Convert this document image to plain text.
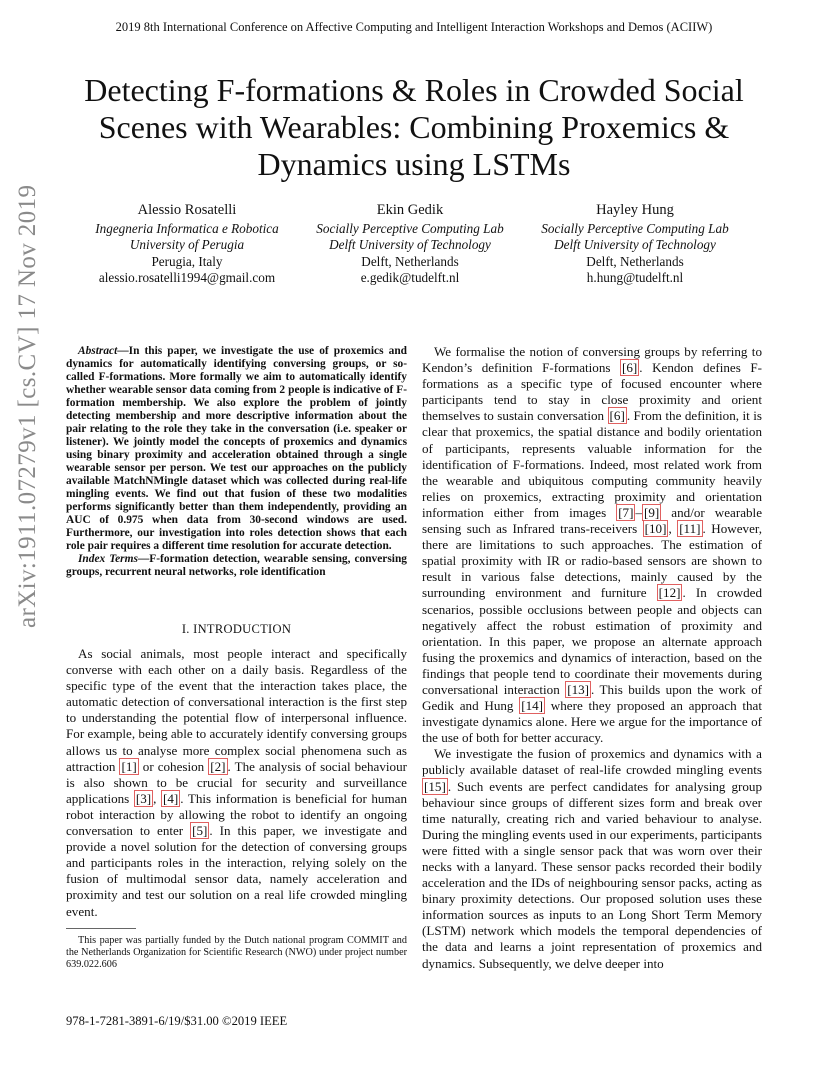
2019 8th International Conference on Affective Computing and Intelligent Interaction Workshops and Demos (ACIIW)
Detecting F-formations & Roles in Crowded Social Scenes with Wearables: Combining Proxemics & Dynamics using LSTMs
Alessio Rosatelli
Ingegneria Informatica e Robotica
University of Perugia
Perugia, Italy
alessio.rosatelli1994@gmail.com
Ekin Gedik
Socially Perceptive Computing Lab
Delft University of Technology
Delft, Netherlands
e.gedik@tudelft.nl
Hayley Hung
Socially Perceptive Computing Lab
Delft University of Technology
Delft, Netherlands
h.hung@tudelft.nl
arXiv:1911.07279v1 [cs.CV] 17 Nov 2019	Abstract—In this paper, we investigate the use of proxemics and dynamics for automatically identifying conversing groups, or so-called F-formations. More formally we aim to automatically identify whether wearable sensor data coming from 2 people is indicative of F-formation membership. We also explore the problem of jointly detecting membership and more descriptive information about the pair relating to the role they take in the conversation (i.e. speaker or listener). We jointly model the concepts of proxemics and dynamics using binary proximity and acceleration obtained through a single wearable sensor per person. We test our approaches on the publicly available MatchNMingle dataset which was collected during real-life mingling events. We find out that fusion of these two modalities performs significantly better than them independently, providing an AUC of 0.975 when data from 30-second windows are used. Furthermore, our investigation into roles detection shows that each role pair requires a different time resolution for accurate detection.

Index Terms—F-formation detection, wearable sensing, conversing groups, recurrent neural networks, role identification

I. INTRODUCTION

As social animals, most people interact and specifically converse with each other on a daily basis. Regardless of the specific type of the event that the interaction takes place, the automatic detection of conversational interaction is the first step to understanding the potential flow of interpersonal influence. For example, being able to accurately identify conversing groups allows us to analyse more complex social phenomena such as attraction [1] or cohesion [2] . The analysis of social behaviour is also shown to be crucial for security and surveillance applications [3] , [4] . This information is beneficial for human robot interaction by allowing the robot to identify an ongoing conversation to enter [5] . In this paper, we investigate and provide a novel solution for the detection of conversing groups and participants roles in the interaction, relying solely on the fusion of multimodal sensor data, namely acceleration and proximity and test our solution on a real life crowded mingling event.

This paper was partially funded by the Dutch national program COMMIT and the Netherlands Organization for Scientific Research (NWO) under project number 639.022.606

We formalise the notion of conversing groups by referring to Kendon’s definition F-formations [6] . Kendon defines F-formations as a specific type of focused encounter where participants tend to stay in close proximity and orient themselves to sustain conversation [6] . From the definition, it is clear that proxemics, the spatial distance and bodily orientation of participants, represents valuable information for the identification of F-formations. Indeed, most related work from the wearable and ubiquitous computing community heavily relies on proxemics, extracting proximity and orientation information either from images [7] – [9] and/or wearable sensing such as Infrared trans-receivers [10] , [11] . However, there are limitations to such approaches. The estimation of spatial proximity with IR or radio-based sensors are shown to result in various false detections, mainly caused by the surrounding environment and furniture [12] . In crowded scenarios, possible occlusions between people and objects can negatively affect the robust estimation of proximity and orientation. In this paper, we propose an alternate approach fusing the proxemics and dynamics of interaction, based on the findings that people tend to coordinate their movements during conversational interaction [13] . This builds upon the work of Gedik and Hung [14] where they proposed an approach that investigate dynamics alone. Here we argue for the importance of the use of both for better accuracy.

We investigate the fusion of proxemics and dynamics with a publicly available dataset of real-life crowded mingling events [15] . Such events are perfect candidates for analysing group behaviour since groups of different sizes form and break over time naturally, creating rich and varied behaviour to analyse. During the mingling events used in our experiments, participants were fitted with a single sensor pack that was worn over their necks with a lanyard. These sensor packs recorded their bodily acceleration and the IDs of neighbouring sensor packs, acting as binary proximity detections. Our proposed solution uses these information sources as inputs to an Long Short Term Memory (LSTM) network which models the temporal dependencies of the data and learns a joint representation of proxemics and dynamics. Subsequently, we delve deeper into

978-1-7281-3891-6/19/$31.00 ©2019 IEEE
